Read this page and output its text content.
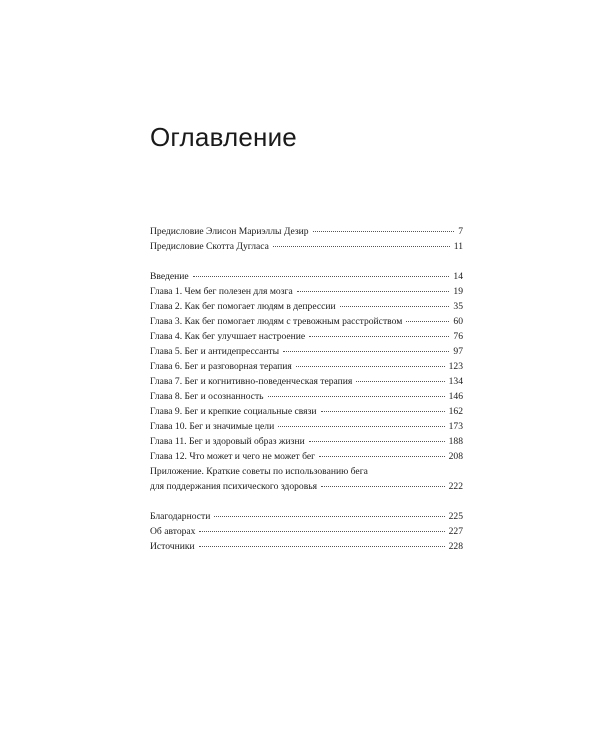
Оглавление
Предисловие Элисон Мариэллы Дезир	7
Предисловие Скотта Дугласа	11
Введение	14
Глава 1. Чем бег полезен для мозга	19
Глава 2. Как бег помогает людям в депрессии	35
Глава 3. Как бег помогает людям с тревожным расстройством	60
Глава 4. Как бег улучшает настроение	76
Глава 5. Бег и антидепрессанты	97
Глава 6. Бег и разговорная терапия	123
Глава 7. Бег и когнитивно-поведенческая терапия	134
Глава 8. Бег и осознанность	146
Глава 9. Бег и крепкие социальные связи	162
Глава 10. Бег и значимые цели	173
Глава 11. Бег и здоровый образ жизни	188
Глава 12. Что может и чего не может бег	208
Приложение. Краткие советы по использованию бега
для поддержания психического здоровья	222
Благодарности	225
Об авторах	227
Источники	228
